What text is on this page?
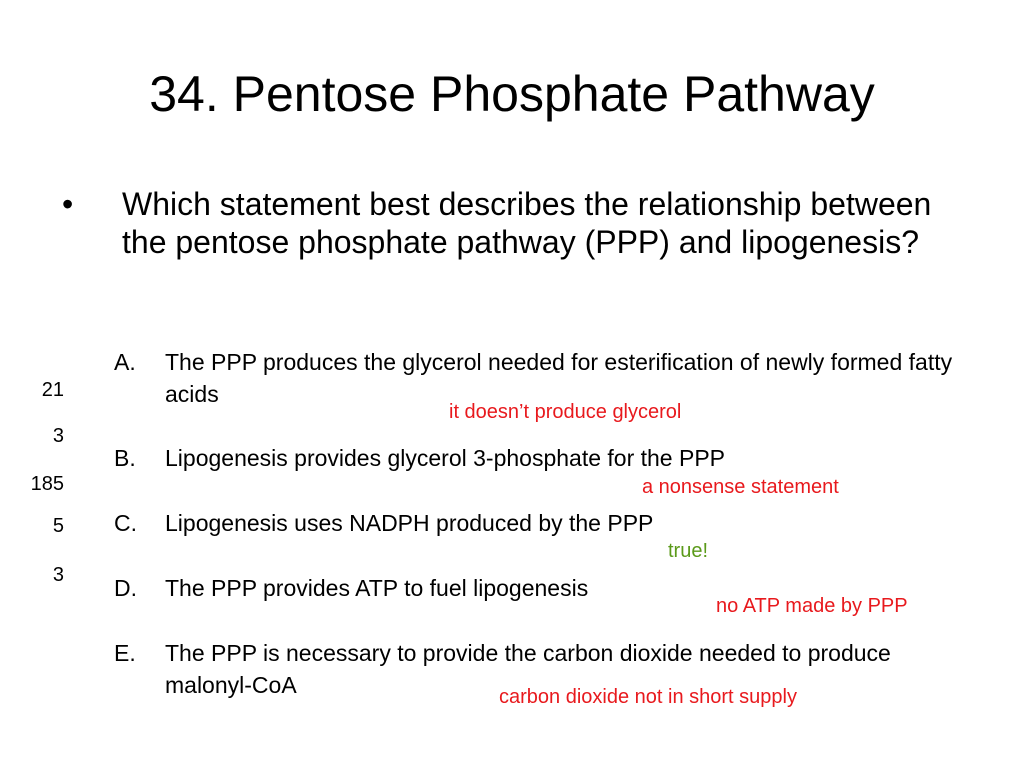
34. Pentose Phosphate Pathway
• Which statement best describes the relationship between the pentose phosphate pathway (PPP) and lipogenesis?
21
3
185
5
3
A. The PPP produces the glycerol needed for esterification of newly formed fatty acids
it doesn’t produce glycerol
B. Lipogenesis provides glycerol 3-phosphate for the PPP
a nonsense statement
C. Lipogenesis uses NADPH produced by the PPP
true!
D. The PPP provides ATP to fuel lipogenesis
no ATP made by PPP
E. The PPP is necessary to provide the carbon dioxide needed to produce malonyl-CoA	carbon dioxide not in short supply
